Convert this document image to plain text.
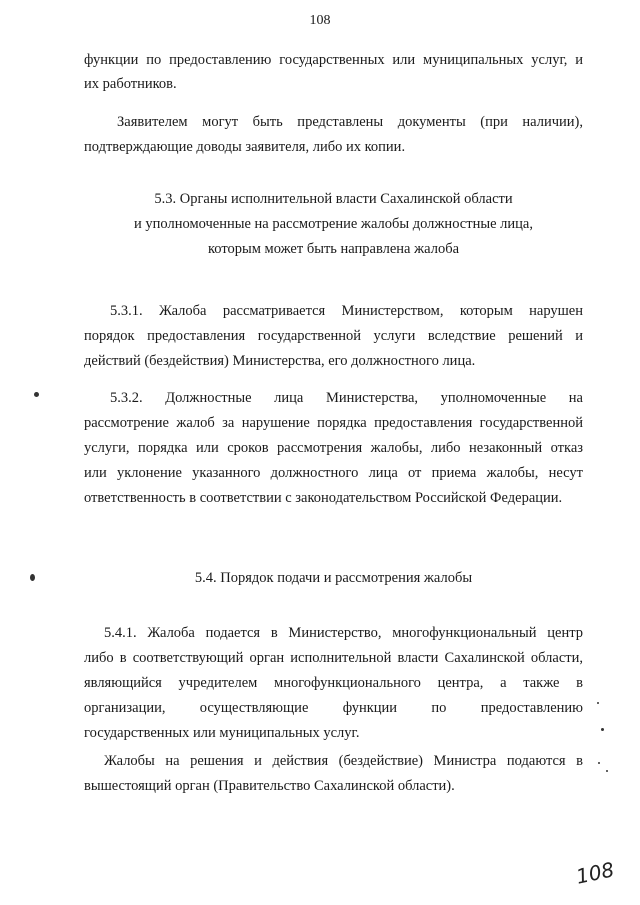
108
функции по предоставлению государственных или муниципальных услуг, и
их работников.
Заявителем могут быть представлены документы (при наличии),
подтверждающие доводы заявителя, либо их копии.
5.3. Органы исполнительной власти Сахалинской области
и уполномоченные на рассмотрение жалобы должностные лица,
которым может быть направлена жалоба
5.3.1. Жалоба рассматривается Министерством, которым нарушен
порядок предоставления государственной услуги вследствие решений и
действий (бездействия) Министерства, его должностного лица.
5.3.2. Должностные лица Министерства, уполномоченные на
рассмотрение жалоб за нарушение порядка предоставления государственной
услуги, порядка или сроков рассмотрения жалобы, либо незаконный отказ
или уклонение указанного должностного лица от приема жалобы, несут
ответственность в соответствии с законодательством Российской Федерации.
5.4. Порядок подачи и рассмотрения жалобы
5.4.1. Жалоба подается в Министерство, многофункциональный центр
либо в соответствующий орган исполнительной власти Сахалинской области,
являющийся учредителем многофункционального центра, а также в
организации, осуществляющие функции по предоставлению
государственных или муниципальных услуг.
Жалобы на решения и действия (бездействие) Министра подаются в
вышестоящий орган (Правительство Сахалинской области).
108
